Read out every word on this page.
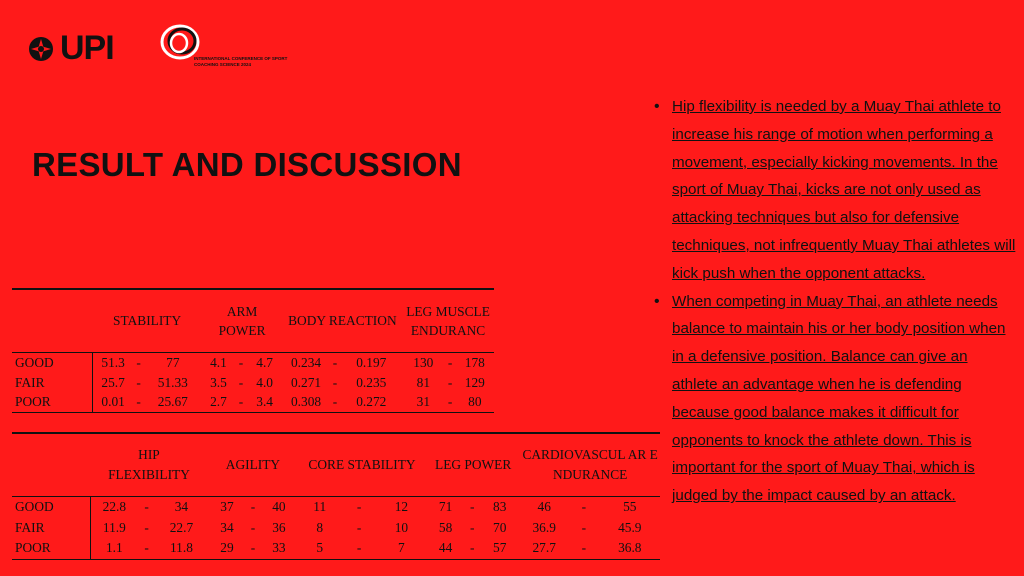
UPI	INTERNATIONAL CONFERENCE OF SPORT COACHING SCIENCE 2024
RESULT AND DISCUSSION
• Hip flexibility is needed by a Muay Thai athlete to increase his range of motion when performing a movement, especially kicking movements. In the sport of Muay Thai, kicks are not only used as attacking techniques but also for defensive techniques, not infrequently Muay Thai athletes will kick push when the opponent attacks.
• When competing in Muay Thai, an athlete needs balance to maintain his or her body position when in a defensive position. Balance can give an athlete an advantage when he is defending because good balance makes it difficult for opponents to knock the athlete down. This is important for the sport of Muay Thai, which is judged by the impact caused by an attack.
	STABILITY			ARM POWER			BODY REACTION			LEG MUSCLE ENDURANC		
GOOD	51.3	-	77	4.1	-	4.7	0.234	-	0.197	130	-	178
FAIR	25.7	-	51.33	3.5	-	4.0	0.271	-	0.235	81	-	129
POOR	0.01	-	25.67	2.7	-	3.4	0.308	-	0.272	31	-	80
	HIP FLEXIBILITY			AGILITY			CORE STABILITY			LEG POWER			CARDIOVASCUL AR ENDURANCE		
GOOD	22.8	-	34	37	-	40	11	-	12	71	-	83	46	-	55
FAIR	11.9	-	22.7	34	-	36	8	-	10	58	-	70	36.9	-	45.9
POOR	1.1	-	11.8	29	-	33	5	-	7	44	-	57	27.7	-	36.8
